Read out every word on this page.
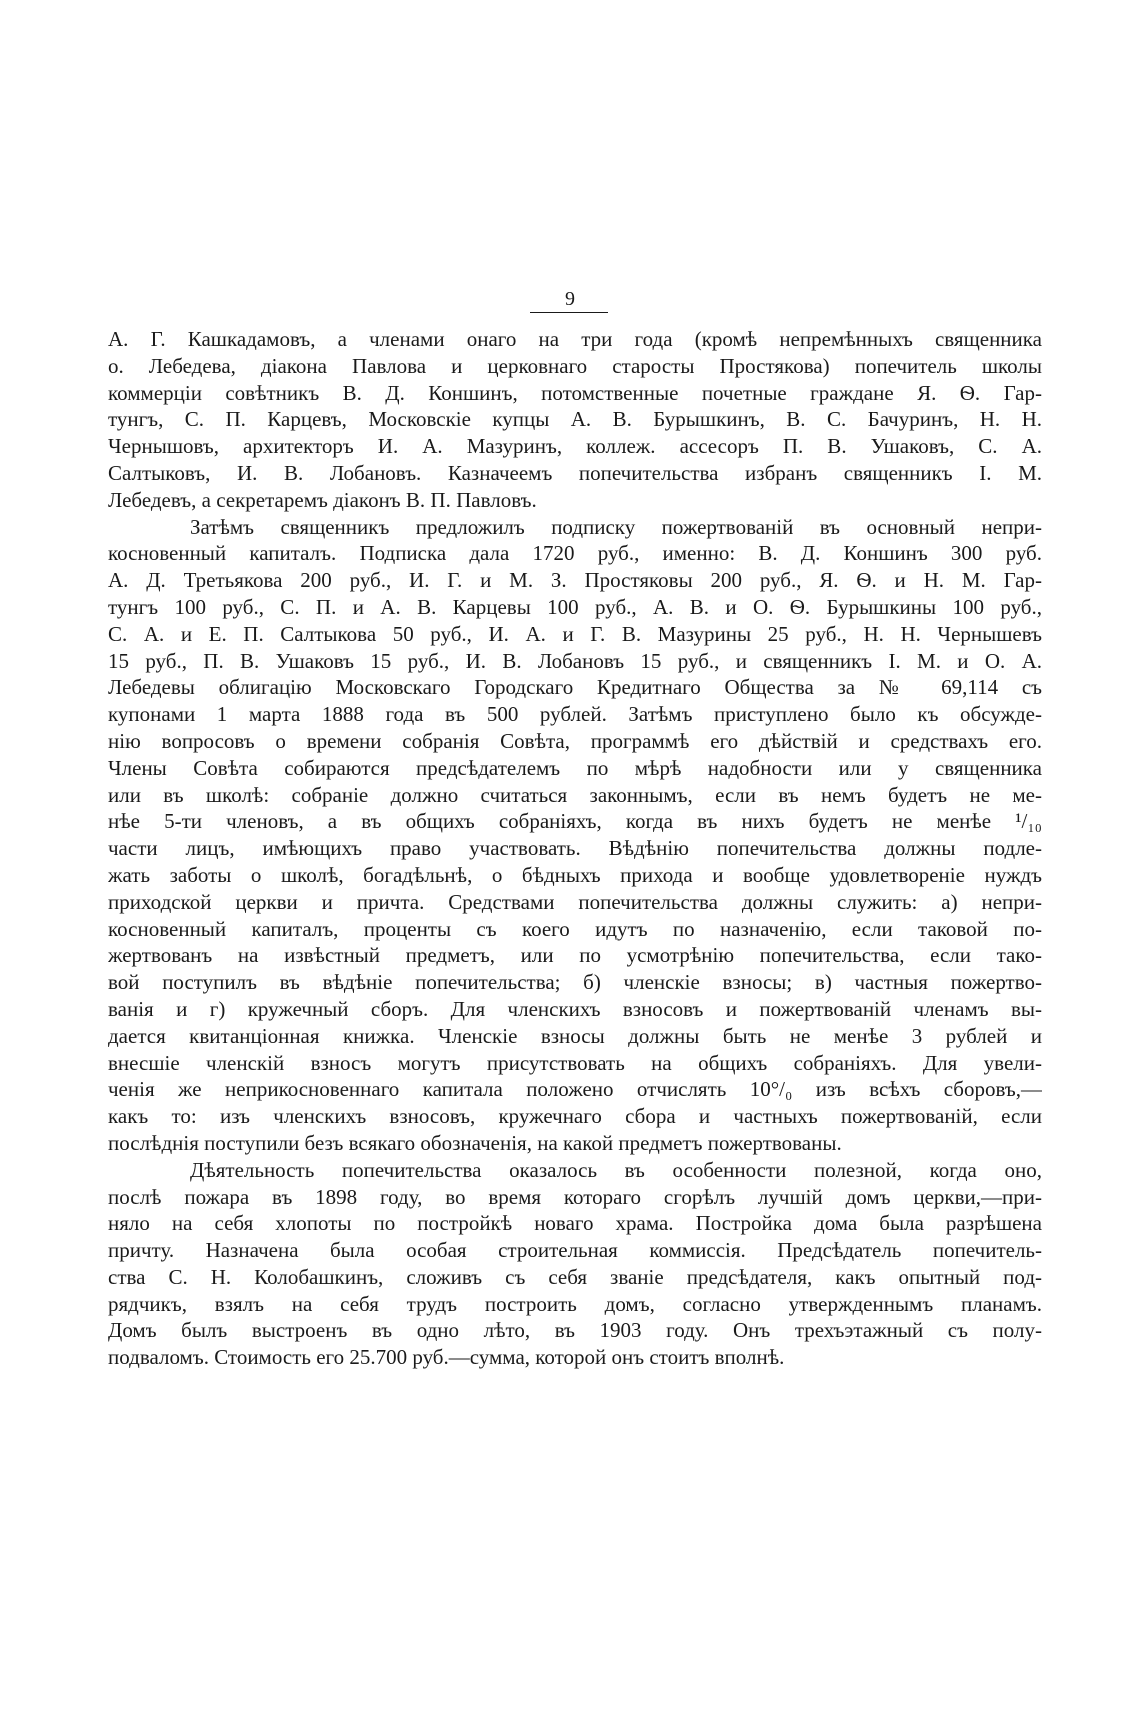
9
А. Г. Кашкадамовъ, а членами онаго на три года (кромѣ непремѣнныхъ священника
о. Лебедева, діакона Павлова и церковнаго старосты Простякова) попечитель школы
коммерціи совѣтникъ В. Д. Коншинъ, потомственные почетные граждане Я. Ѳ. Гар-
тунгъ, С. П. Карцевъ, Московскіе купцы А. В. Бурышкинъ, В. С. Бачуринъ, Н. Н.
Чернышовъ, архитекторъ И. А. Мазуринъ, коллеж. ассесоръ П. В. Ушаковъ, С. А.
Салтыковъ, И. В. Лобановъ. Казначеемъ попечительства избранъ священникъ І. М.
Лебедевъ, а секретаремъ діаконъ В. П. Павловъ.
Затѣмъ священникъ предложилъ подписку пожертвованій въ основный непри-
косновенный капиталъ. Подписка дала 1720 руб., именно: В. Д. Коншинъ 300 руб.
А. Д. Третьякова 200 руб., И. Г. и М. З. Простяковы 200 руб., Я. Ѳ. и Н. М. Гар-
тунгъ 100 руб., С. П. и А. В. Карцевы 100 руб., А. В. и О. Ѳ. Бурышкины 100 руб.,
С. А. и Е. П. Салтыкова 50 руб., И. А. и Г. В. Мазурины 25 руб., Н. Н. Чернышевъ
15 руб., П. В. Ушаковъ 15 руб., И. В. Лобановъ 15 руб., и священникъ І. М. и О. А.
Лебедевы облигацію Московскаго Городскаго Кредитнаго Общества за № 69,114 съ
купонами 1 марта 1888 года въ 500 рублей. Затѣмъ приступлено было къ обсужде-
нію вопросовъ о времени собранія Совѣта, программѣ его дѣйствій и средствахъ его.
Члены Совѣта собираются предсѣдателемъ по мѣрѣ надобности или у священника
или въ школѣ: собраніе должно считаться законнымъ, если въ немъ будетъ не ме-
нѣе 5-ти членовъ, а въ общихъ собраніяхъ, когда въ нихъ будетъ не менѣе ¹/₁₀
части лицъ, имѣющихъ право участвовать. Вѣдѣнію попечительства должны подле-
жать заботы о школѣ, богадѣльнѣ, о бѣдныхъ прихода и вообще удовлетвореніе нуждъ
приходской церкви и причта. Средствами попечительства должны служить: а) непри-
косновенный капиталъ, проценты съ коего идутъ по назначенію, если таковой по-
жертвованъ на извѣстный предметъ, или по усмотрѣнію попечительства, если тако-
вой поступилъ въ вѣдѣніе попечительства; б) членскіе взносы; в) частныя пожертво-
ванія и г) кружечный сборъ. Для членскихъ взносовъ и пожертвованій членамъ вы-
дается квитанціонная книжка. Членскіе взносы должны быть не менѣе 3 рублей и
внесшіе членскій взносъ могутъ присутствовать на общихъ собраніяхъ. Для увели-
ченія же неприкосновеннаго капитала положено отчислять 10°/₀ изъ всѣхъ сборовъ,—
какъ то: изъ членскихъ взносовъ, кружечнаго сбора и частныхъ пожертвованій, если
послѣднія поступили безъ всякаго обозначенія, на какой предметъ пожертвованы.
Дѣятельность попечительства оказалось въ особенности полезной, когда оно,
послѣ пожара въ 1898 году, во время котораго сгорѣлъ лучшій домъ церкви,—при-
няло на себя хлопоты по постройкѣ новаго храма. Постройка дома была разрѣшена
причту. Назначена была особая строительная коммиссія. Предсѣдатель попечитель-
ства С. Н. Колобашкинъ, сложивъ съ себя званіе предсѣдателя, какъ опытный под-
рядчикъ, взялъ на себя трудъ построить домъ, согласно утвержденнымъ планамъ.
Домъ былъ выстроенъ въ одно лѣто, въ 1903 году. Онъ трехъэтажный съ полу-
подваломъ. Стоимость его 25.700 руб.—сумма, которой онъ стоитъ вполнѣ.
